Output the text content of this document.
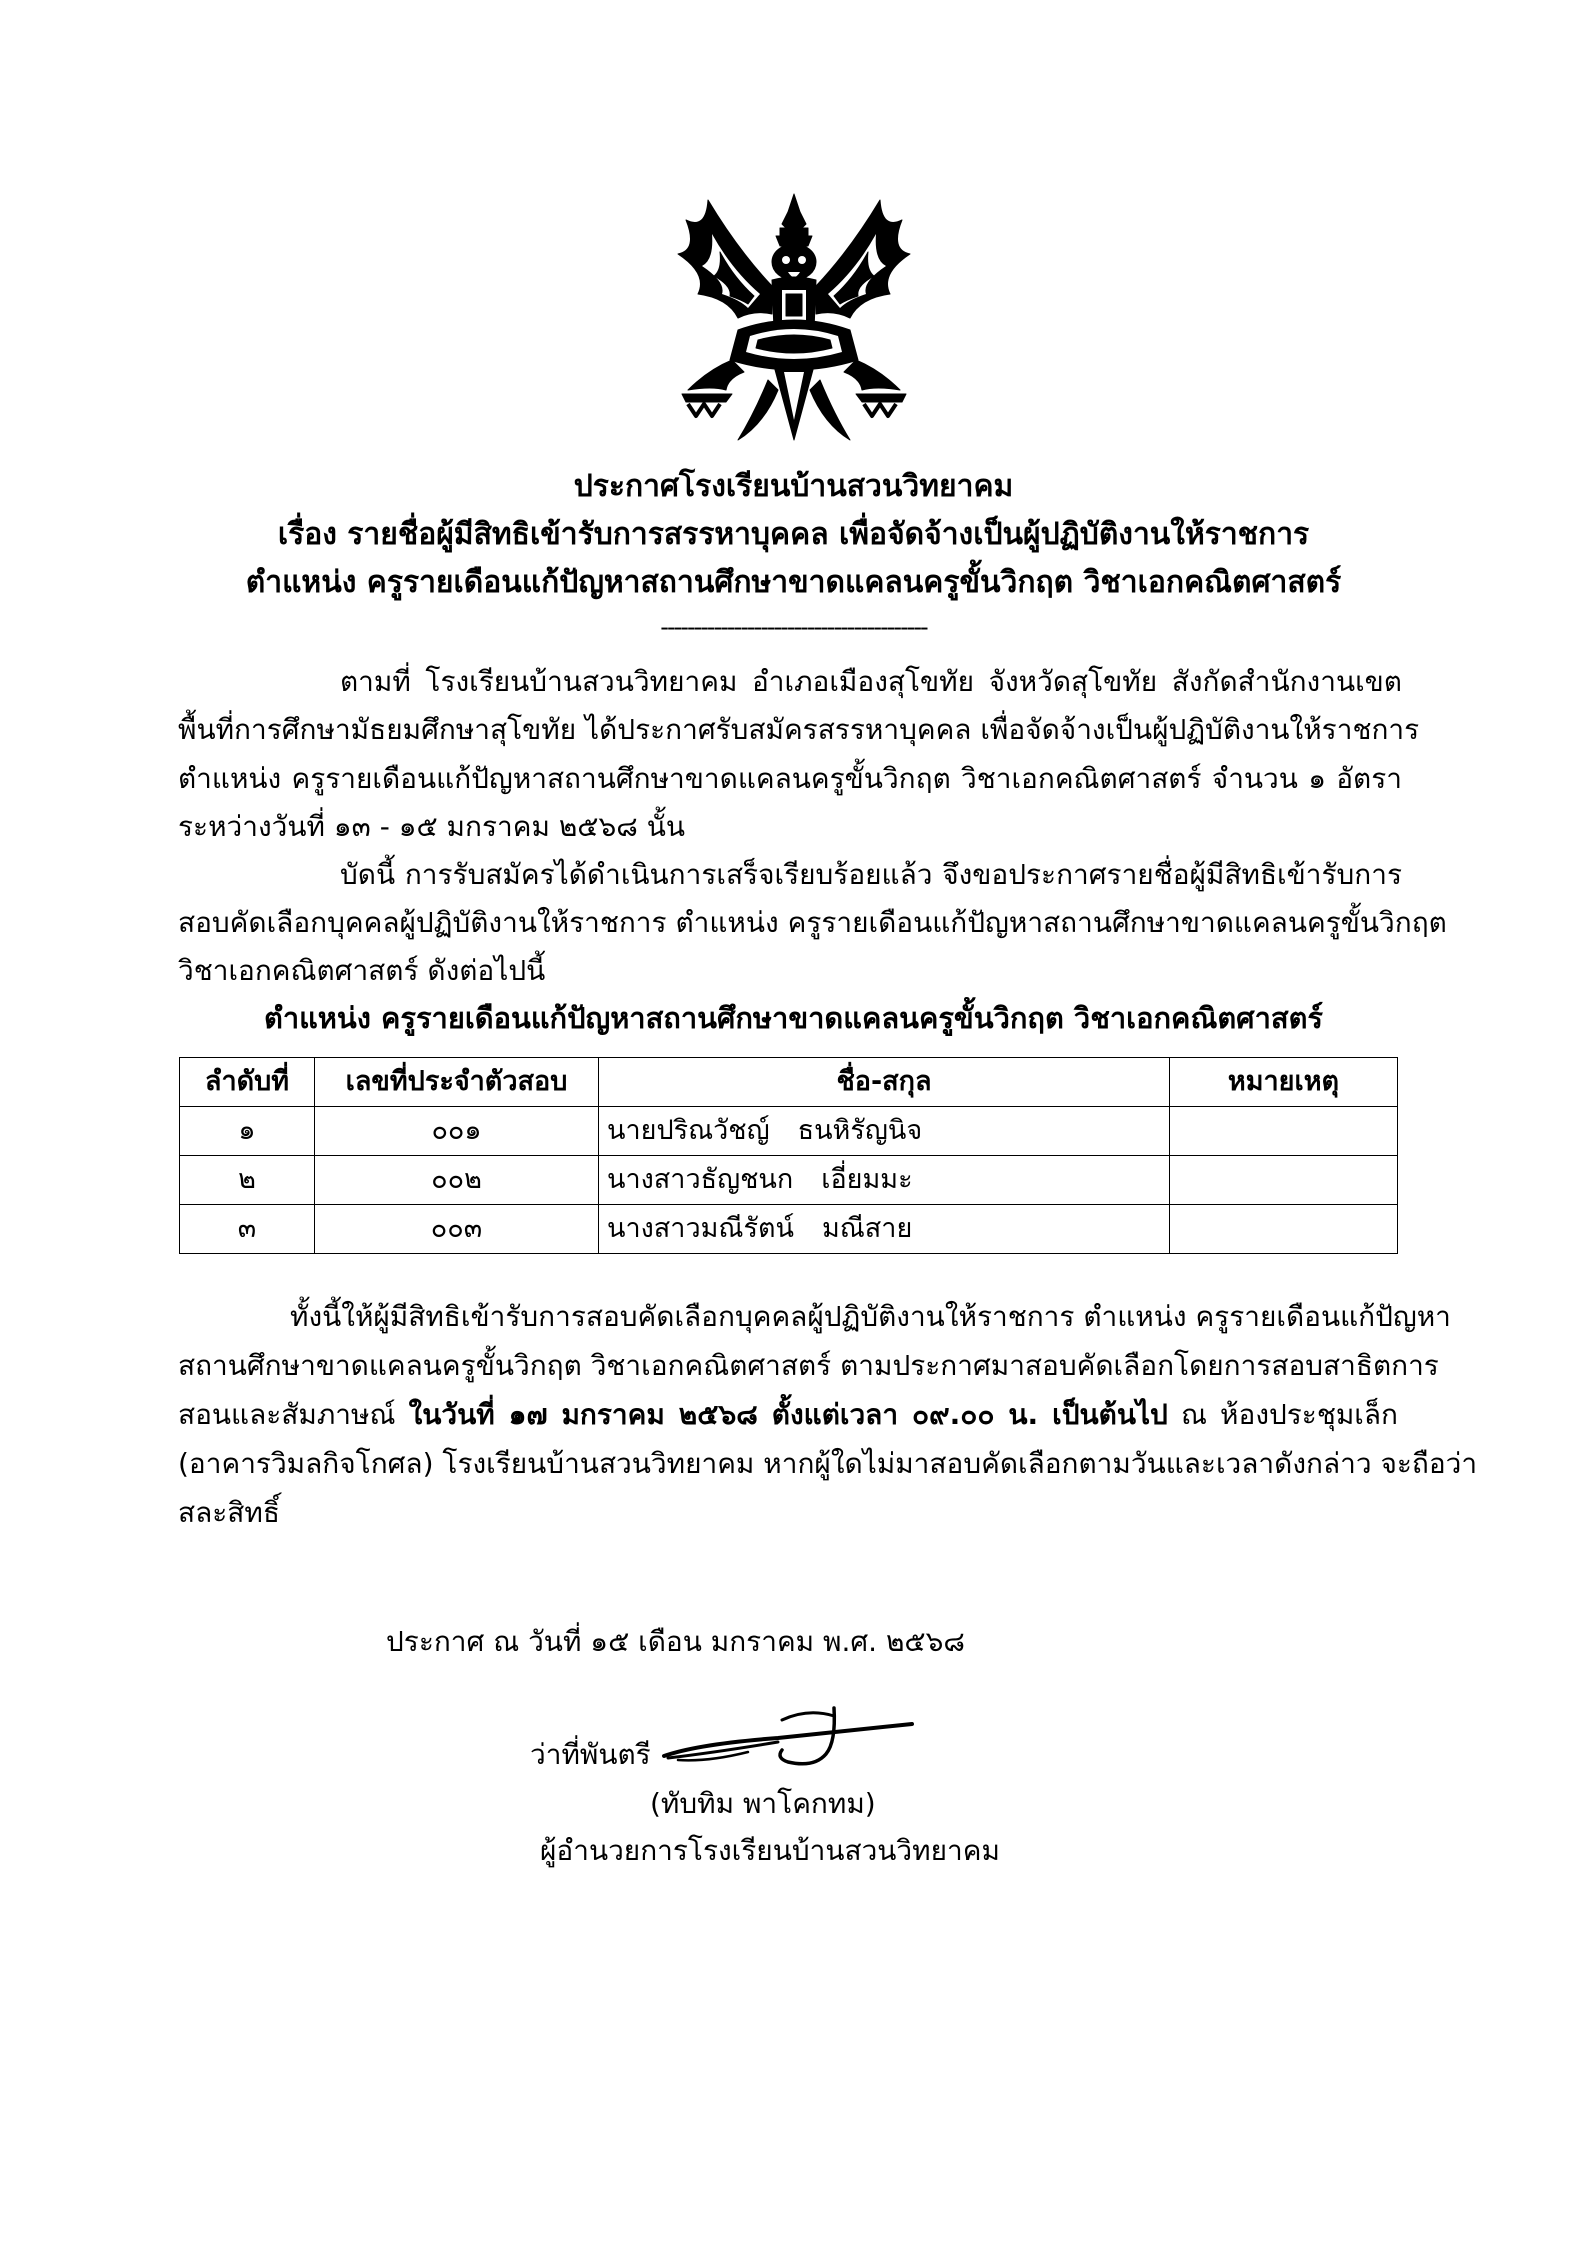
ประกาศโรงเรียนบ้านสวนวิทยาคม
เรื่อง รายชื่อผู้มีสิทธิเข้ารับการสรรหาบุคคล เพื่อจัดจ้างเป็นผู้ปฏิบัติงานให้ราชการ
ตำแหน่ง ครูรายเดือนแก้ปัญหาสถานศึกษาขาดแคลนครูขั้นวิกฤต วิชาเอกคณิตศาสตร์
----------------------------------------
ตามที่ โรงเรียนบ้านสวนวิทยาคม อำเภอเมืองสุโขทัย จังหวัดสุโขทัย สังกัดสำนักงานเขต
พื้นที่การศึกษามัธยมศึกษาสุโขทัย ได้ประกาศรับสมัครสรรหาบุคคล เพื่อจัดจ้างเป็นผู้ปฏิบัติงานให้ราชการ
ตำแหน่ง ครูรายเดือนแก้ปัญหาสถานศึกษาขาดแคลนครูขั้นวิกฤต วิชาเอกคณิตศาสตร์ จำนวน ๑ อัตรา
ระหว่างวันที่ ๑๓ - ๑๕ มกราคม ๒๕๖๘ นั้น
บัดนี้ การรับสมัครได้ดำเนินการเสร็จเรียบร้อยแล้ว จึงขอประกาศรายชื่อผู้มีสิทธิเข้ารับการ
สอบคัดเลือกบุคคลผู้ปฏิบัติงานให้ราชการ ตำแหน่ง ครูรายเดือนแก้ปัญหาสถานศึกษาขาดแคลนครูขั้นวิกฤต
วิชาเอกคณิตศาสตร์ ดังต่อไปนี้
ตำแหน่ง ครูรายเดือนแก้ปัญหาสถานศึกษาขาดแคลนครูขั้นวิกฤต วิชาเอกคณิตศาสตร์
ลำดับที่	เลขที่ประจำตัวสอบ	ชื่อ-สกุล	หมายเหตุ
๑	๐๐๑	นายปริณวัชญ์ ธนหิรัญนิจ	
๒	๐๐๒	นางสาวธัญชนก เอี่ยมมะ	
๓	๐๐๓	นางสาวมณีรัตน์ มณีสาย	
ทั้งนี้ให้ผู้มีสิทธิเข้ารับการสอบคัดเลือกบุคคลผู้ปฏิบัติงานให้ราชการ ตำแหน่ง ครูรายเดือนแก้ปัญหา
สถานศึกษาขาดแคลนครูขั้นวิกฤต วิชาเอกคณิตศาสตร์ ตามประกาศมาสอบคัดเลือกโดยการสอบสาธิตการ
สอนและสัมภาษณ์ ในวันที่ ๑๗ มกราคม ๒๕๖๘ ตั้งแต่เวลา ๐๙.๐๐ น. เป็นต้นไป ณ ห้องประชุมเล็ก
(อาคารวิมลกิจโกศล) โรงเรียนบ้านสวนวิทยาคม หากผู้ใดไม่มาสอบคัดเลือกตามวันและเวลาดังกล่าว จะถือว่า
สละสิทธิ์
ประกาศ ณ วันที่ ๑๕ เดือน มกราคม พ.ศ. ๒๕๖๘
ว่าที่พันตรี
(ทับทิม พาโคกทม)
ผู้อำนวยการโรงเรียนบ้านสวนวิทยาคม
